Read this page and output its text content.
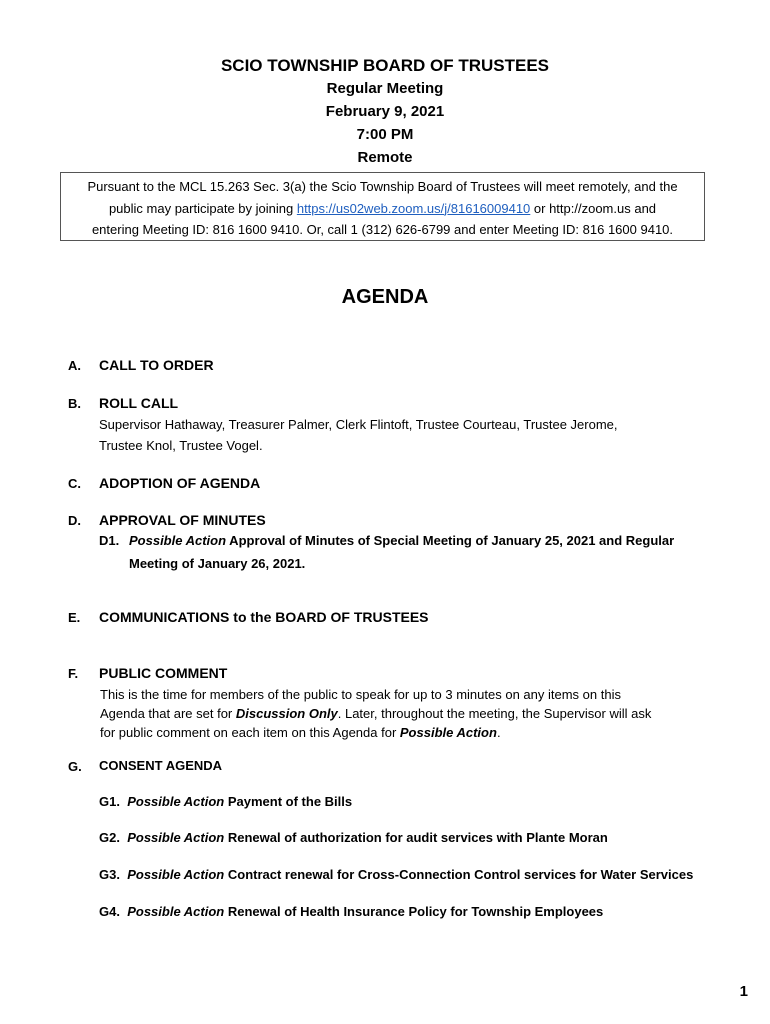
SCIO TOWNSHIP BOARD OF TRUSTEES
Regular Meeting
February 9, 2021
7:00 PM
Remote
Pursuant to the MCL 15.263 Sec. 3(a) the Scio Township Board of Trustees will meet remotely, and the
public may participate by joining https://us02web.zoom.us/j/81616009410 or http://zoom.us and
entering Meeting ID: 816 1600 9410. Or, call 1 (312) 626-6799 and enter Meeting ID: 816 1600 9410.
AGENDA
A. CALL TO ORDER
B. ROLL CALL
Supervisor Hathaway, Treasurer Palmer, Clerk Flintoft, Trustee Courteau, Trustee Jerome,
Trustee Knol, Trustee Vogel.
C. ADOPTION OF AGENDA
D. APPROVAL OF MINUTES
D1. Possible Action Approval of Minutes of Special Meeting of January 25, 2021 and Regular
Meeting of January 26, 2021.
E. COMMUNICATIONS to the BOARD OF TRUSTEES
F. PUBLIC COMMENT
This is the time for members of the public to speak for up to 3 minutes on any items on this
Agenda that are set for Discussion Only. Later, throughout the meeting, the Supervisor will ask
for public comment on each item on this Agenda for Possible Action.
G. CONSENT AGENDA
G1. Possible Action Payment of the Bills
G2. Possible Action Renewal of authorization for audit services with Plante Moran
G3. Possible Action Contract renewal for Cross-Connection Control services for Water Services
G4. Possible Action Renewal of Health Insurance Policy for Township Employees
1
